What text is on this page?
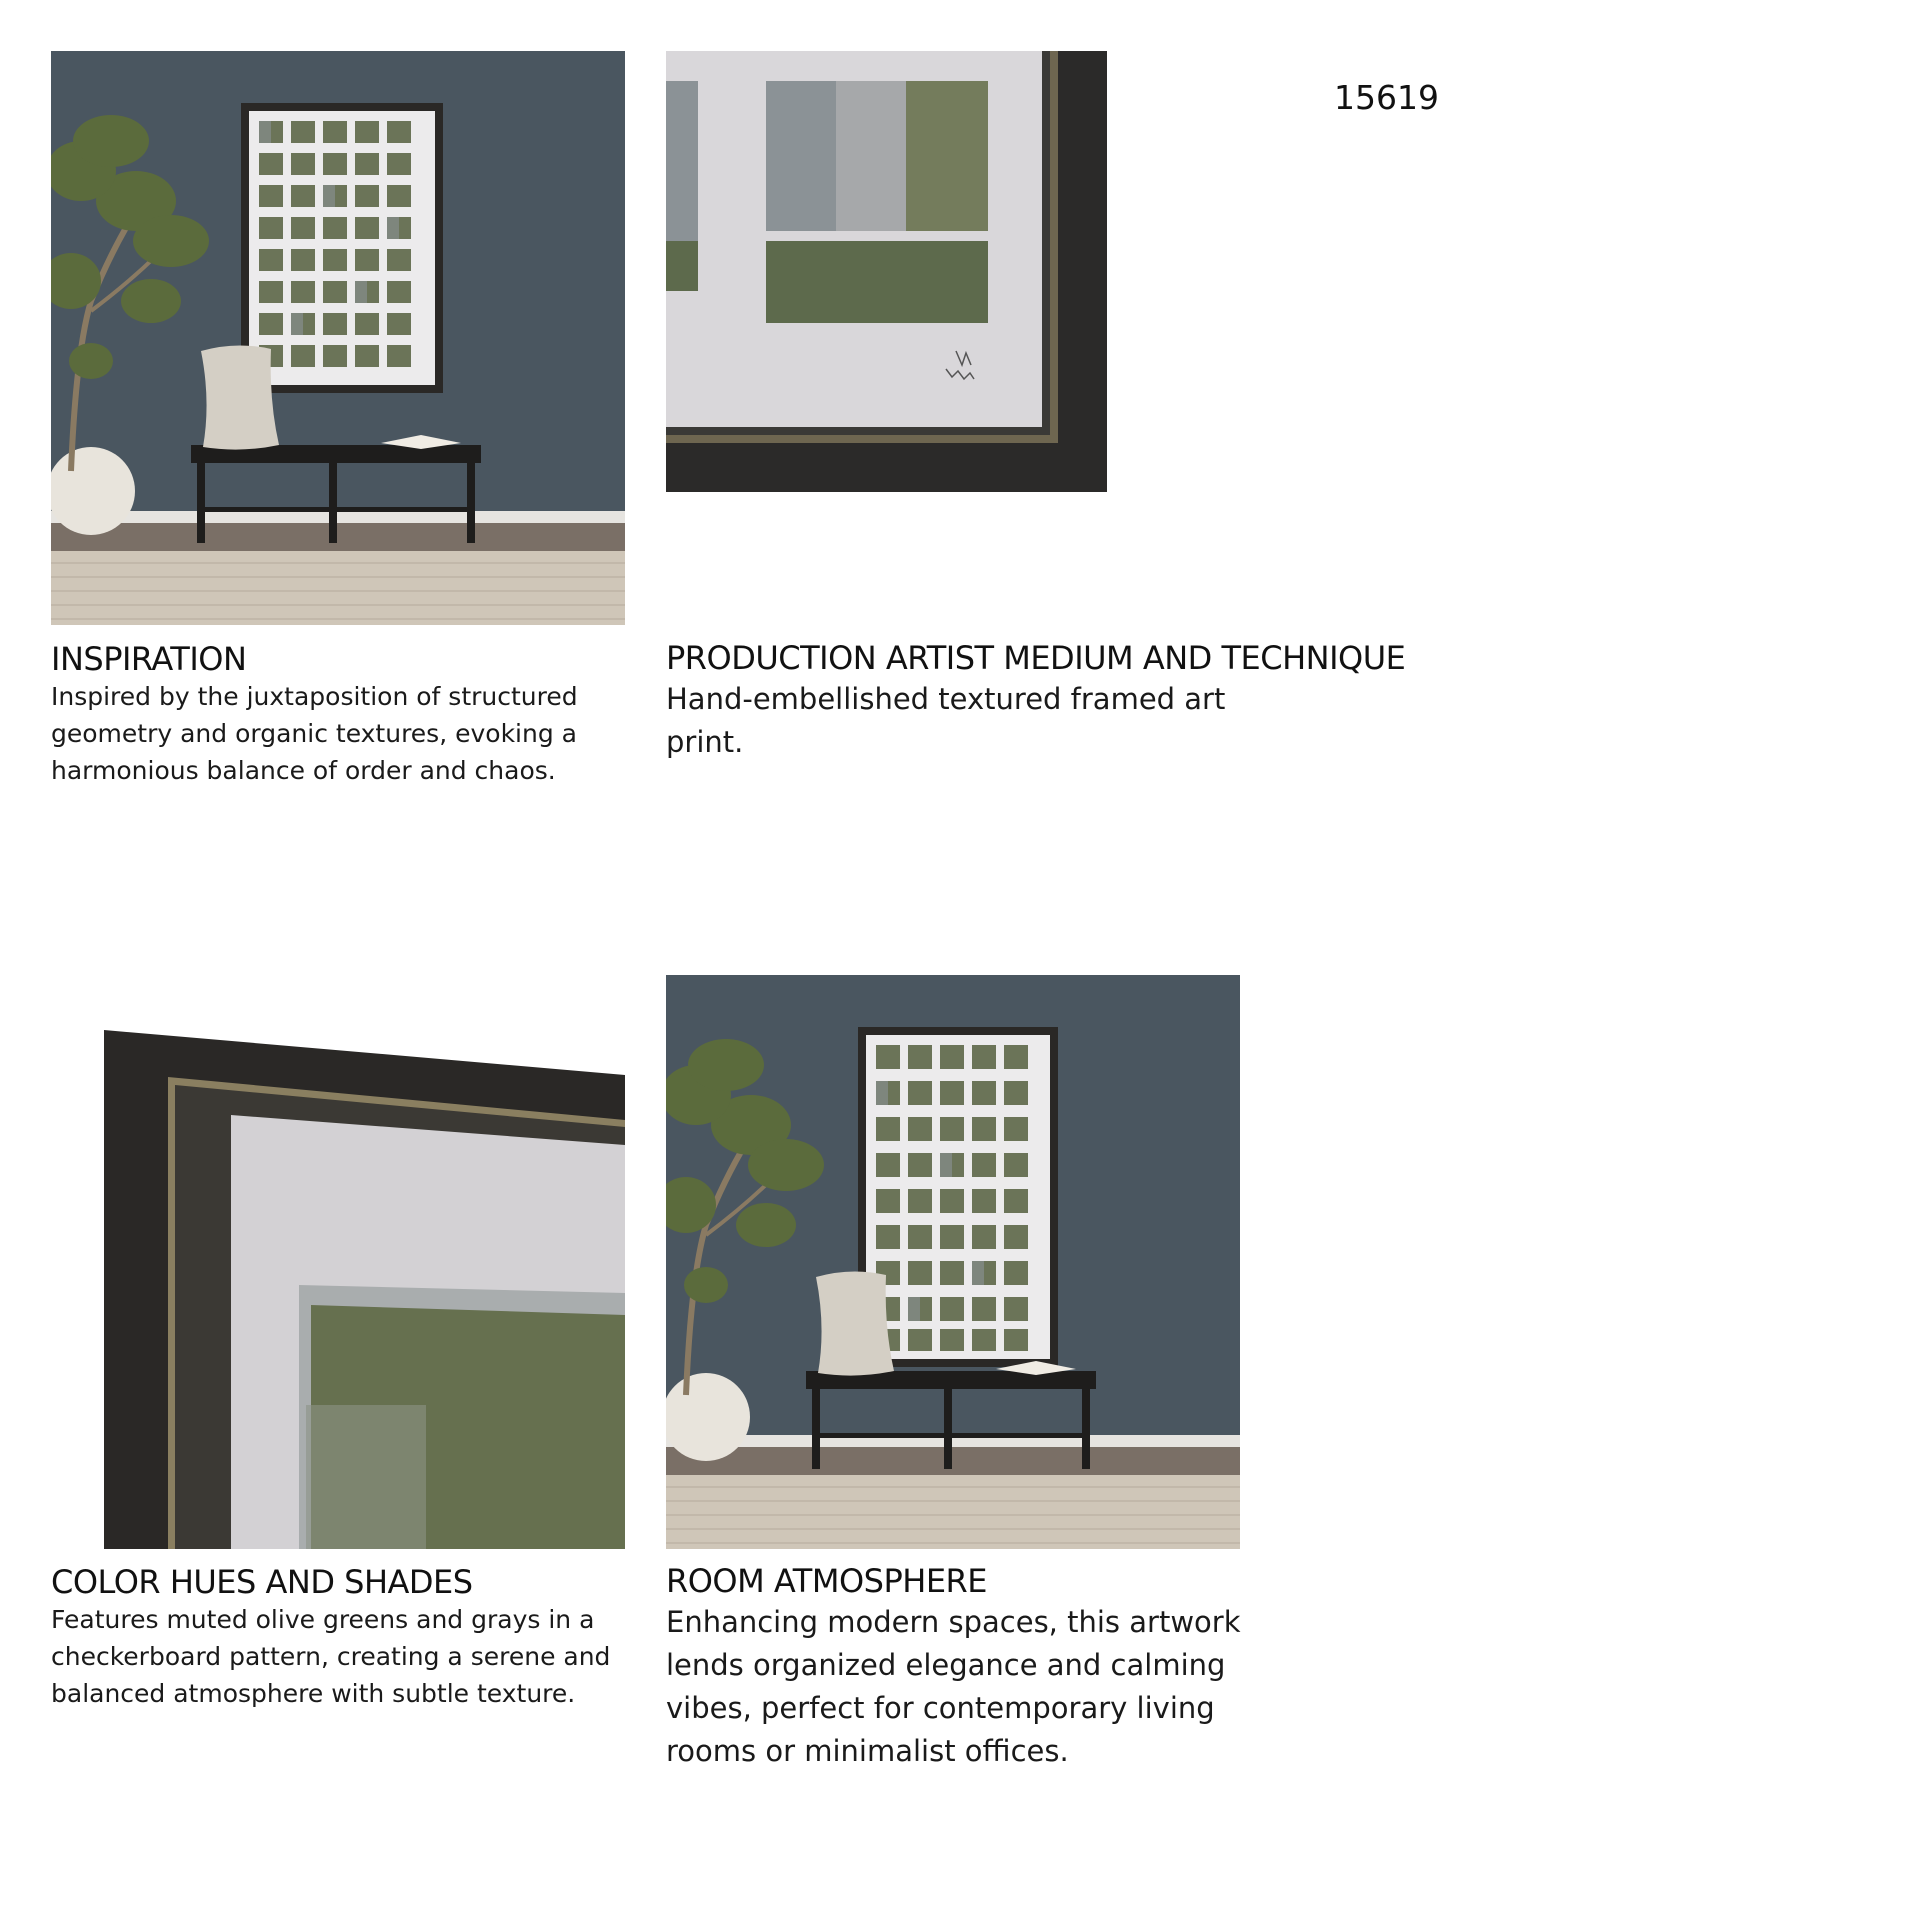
15619
INSPIRATION

Inspired by the juxtaposition of structured geometry and organic textures, evoking a harmonious balance of order and chaos.

PRODUCTION ARTIST MEDIUM AND TECHNIQUE

Hand-embellished textured framed art print.

COLOR HUES AND SHADES

Features muted olive greens and grays in a checkerboard pattern, creating a serene and balanced atmosphere with subtle texture.

ROOM ATMOSPHERE

Enhancing modern spaces, this artwork lends organized elegance and calming vibes, perfect for contemporary living rooms or minimalist offices.
